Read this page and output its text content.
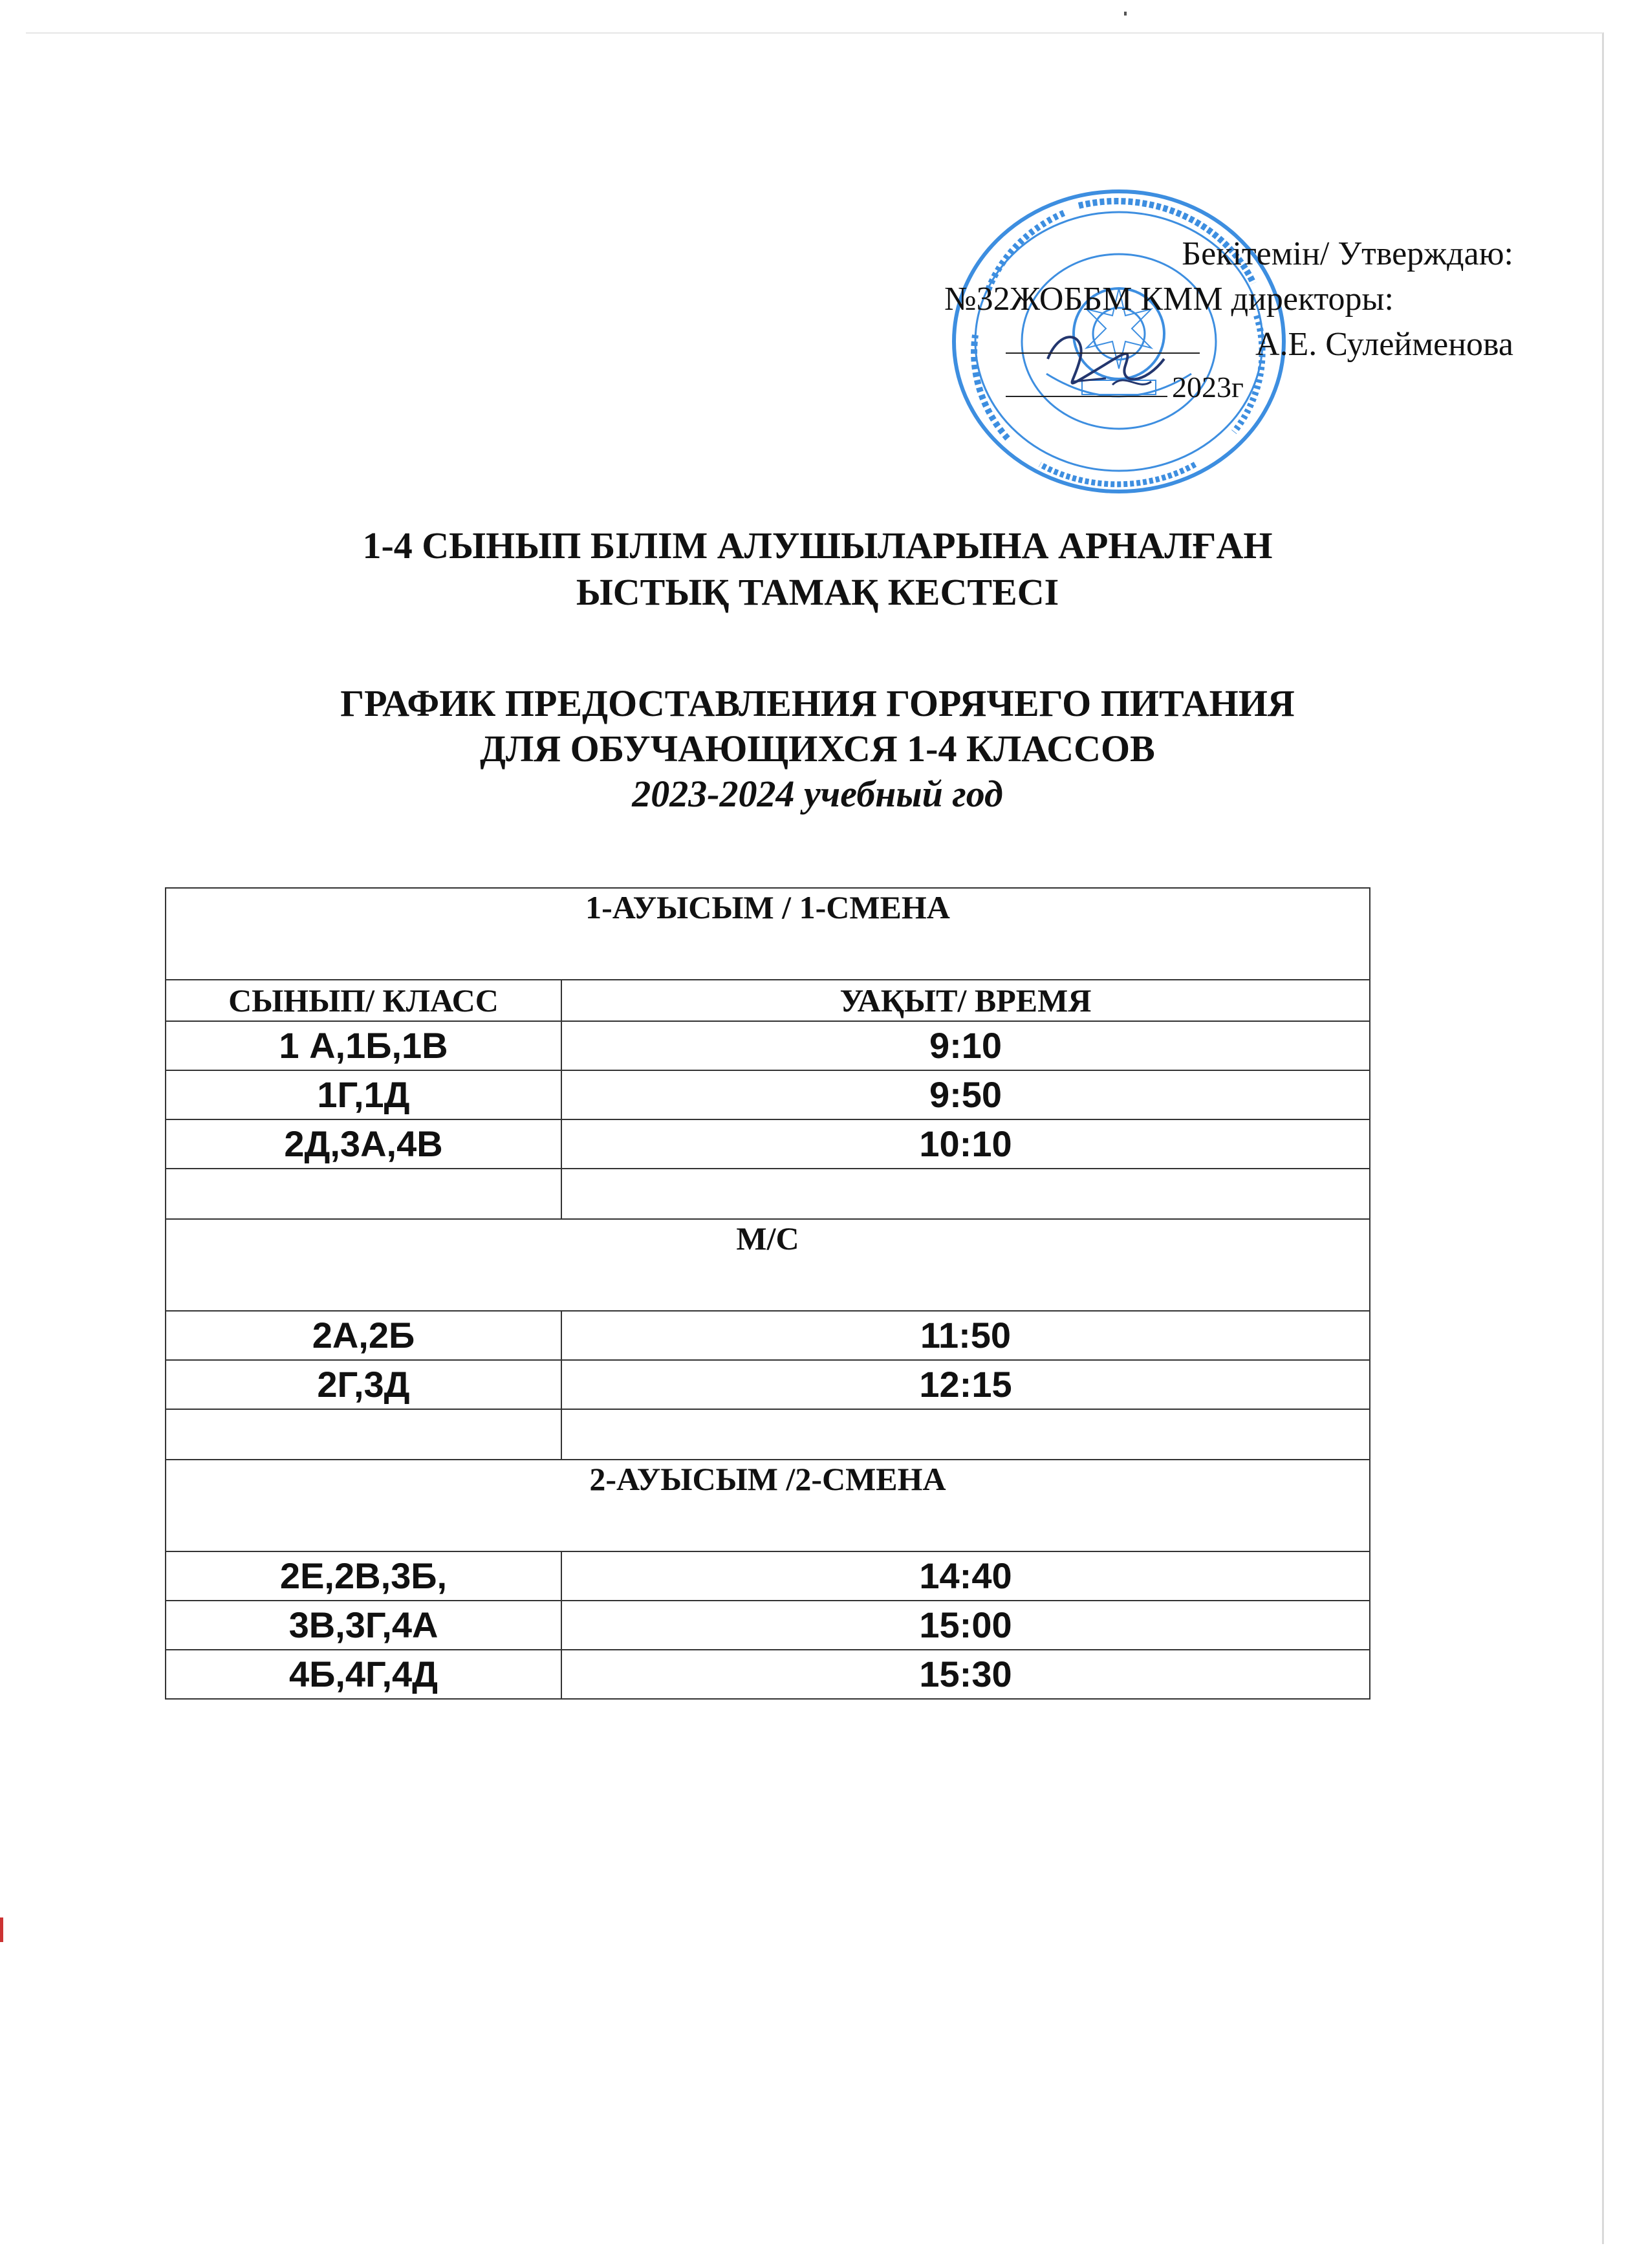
Бекітемін/ Утверждаю:
№32ЖОББМ КММ директоры:
А.Е. Сулейменова
2023г
1-4 СЫНЫП БІЛІМ АЛУШЫЛАРЫНА АРНАЛҒАН
ЫСТЫҚ ТАМАҚ КЕСТЕСІ
ГРАФИК ПРЕДОСТАВЛЕНИЯ ГОРЯЧЕГО ПИТАНИЯ
ДЛЯ ОБУЧАЮЩИХСЯ 1-4 КЛАССОВ
2023-2024 учебный год
1-АУЫСЫМ / 1-СМЕНА	
СЫНЫП/ КЛАСС	УАҚЫТ/ ВРЕМЯ
1 А,1Б,1В	9:10
1Г,1Д	9:50
2Д,3А,4В	10:10

М/С	
2А,2Б	11:50
2Г,3Д	12:15

2-АУЫСЫМ /2-СМЕНА	
2Е,2В,3Б,	14:40
3В,3Г,4А	15:00
4Б,4Г,4Д	15:30
